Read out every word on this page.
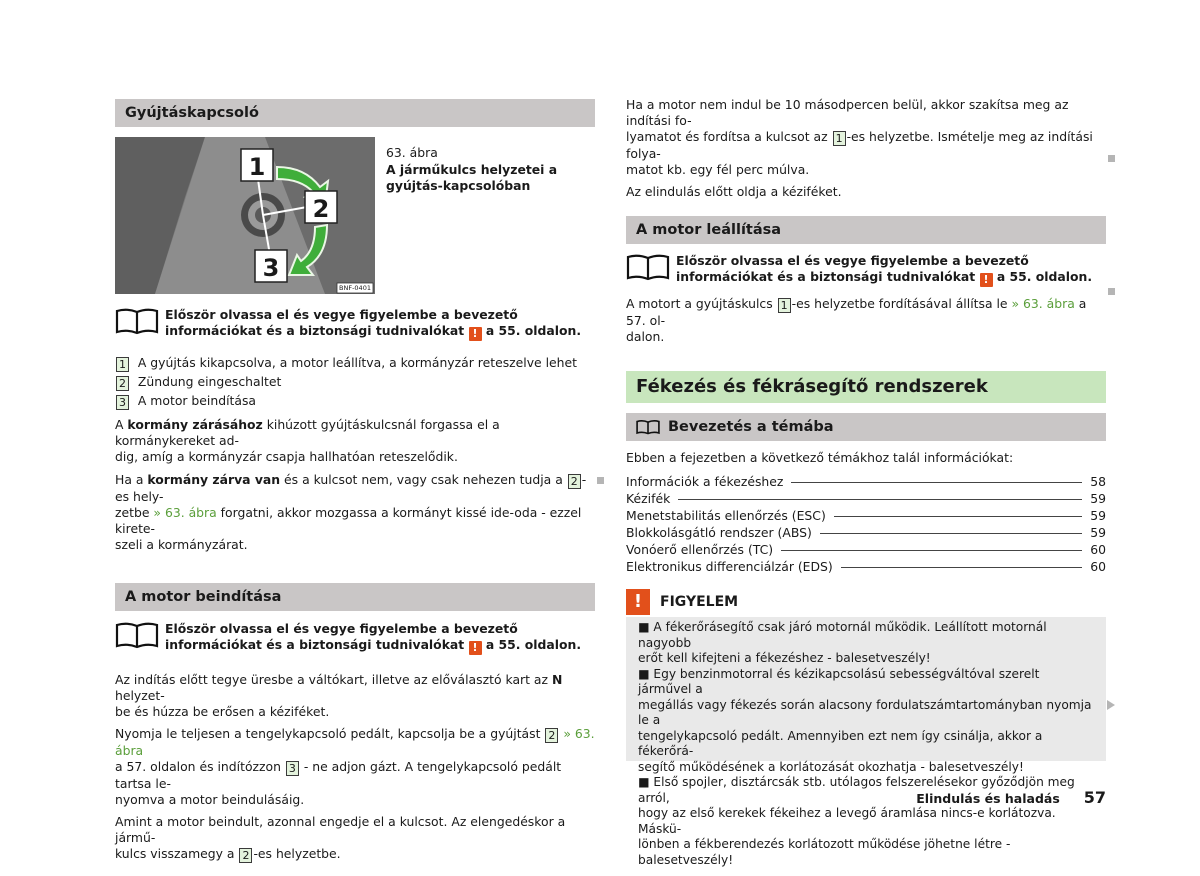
Gyújtáskapcsoló
1
2
3
BNF-0401

63. ábra

A járműkulcs helyzetei a gyújtás-kapcsolóban

Először olvassa el és vegye figyelembe a bevezető információkat és a biztonsági tudnivalókat ! a 55. oldalon.

1 A gyújtás kikapcsolva, a motor leállítva, a kormányzár reteszelve lehet

2 Zündung eingeschaltet

3 A motor beindítása

A kormány zárásához kihúzott gyújtáskulcsnál forgassa el a kormánykereket ad-

dig, amíg a kormányzár csapja hallhatóan reteszelődik.

Ha a kormány zárva van és a kulcsot nem, vagy csak nehezen tudja a 2 -es hely-

zetbe » 63. ábra forgatni, akkor mozgassa a kormányt kissé ide-oda - ezzel kirete-

szeli a kormányzárat.

A motor beindítása

Először olvassa el és vegye figyelembe a bevezető információkat és a biztonsági tudnivalókat ! a 55. oldalon.

Az indítás előtt tegye üresbe a váltókart, illetve az előválasztó kart az N helyzet-

be és húzza be erősen a kéziféket.

Nyomja le teljesen a tengelykapcsoló pedált, kapcsolja be a gyújtást 2 » 63. ábra

a 57. oldalon és indítózzon 3 - ne adjon gázt. A tengelykapcsoló pedált tartsa le-

nyomva a motor beindulásáig.

Amint a motor beindult, azonnal engedje el a kulcsot. Az elengedéskor a jármű-

kulcs visszamegy a 2 -es helyzetbe.

Ha a motor nem indul be 10 másodpercen belül, akkor szakítsa meg az indítási fo-

lyamatot és fordítsa a kulcsot az 1 -es helyzetbe. Ismételje meg az indítási folya-

matot kb. egy fél perc múlva.

Az elindulás előtt oldja a kéziféket.

A motor leállítása

Először olvassa el és vegye figyelembe a bevezető információkat és a biztonsági tudnivalókat ! a 55. oldalon.

A motort a gyújtáskulcs 1 -es helyzetbe fordításával állítsa le » 63. ábra a 57. ol-

dalon.

Fékezés és fékrásegítő rendszerek
Bevezetés a témába

Ebben a fejezetben a következő témákhoz talál információkat:

Információk a fékezéshez	58
Kézifék	59
Menetstabilitás ellenőrzés (ESC)	59
Blokkolásgátló rendszer (ABS)	59
Vonóerő ellenőrzés (TC)	60
Elektronikus differenciálzár (EDS)	60
!	FIGYELEM

■ A fékerőrásegítő csak járó motornál működik. Leállított motornál nagyobb

erőt kell kifejteni a fékezéshez - balesetveszély!

■ Egy benzinmotorral és kézikapcsolású sebességváltóval szerelt járművel a

megállás vagy fékezés során alacsony fordulatszámtartományban nyomja le a

tengelykapcsoló pedált. Amennyiben ezt nem így csinálja, akkor a fékerőrá-

segítő működésének a korlátozását okozhatja - balesetveszély!

■ Első spojler, disztárcsák stb. utólagos felszerelésekor győződjön meg arról,

hogy az első kerekek fékeihez a levegő áramlása nincs-e korlátozva. Máskü-

lönben a fékberendezés korlátozott működése jöhetne létre - balesetveszély!

Elindulás és haladás 57
